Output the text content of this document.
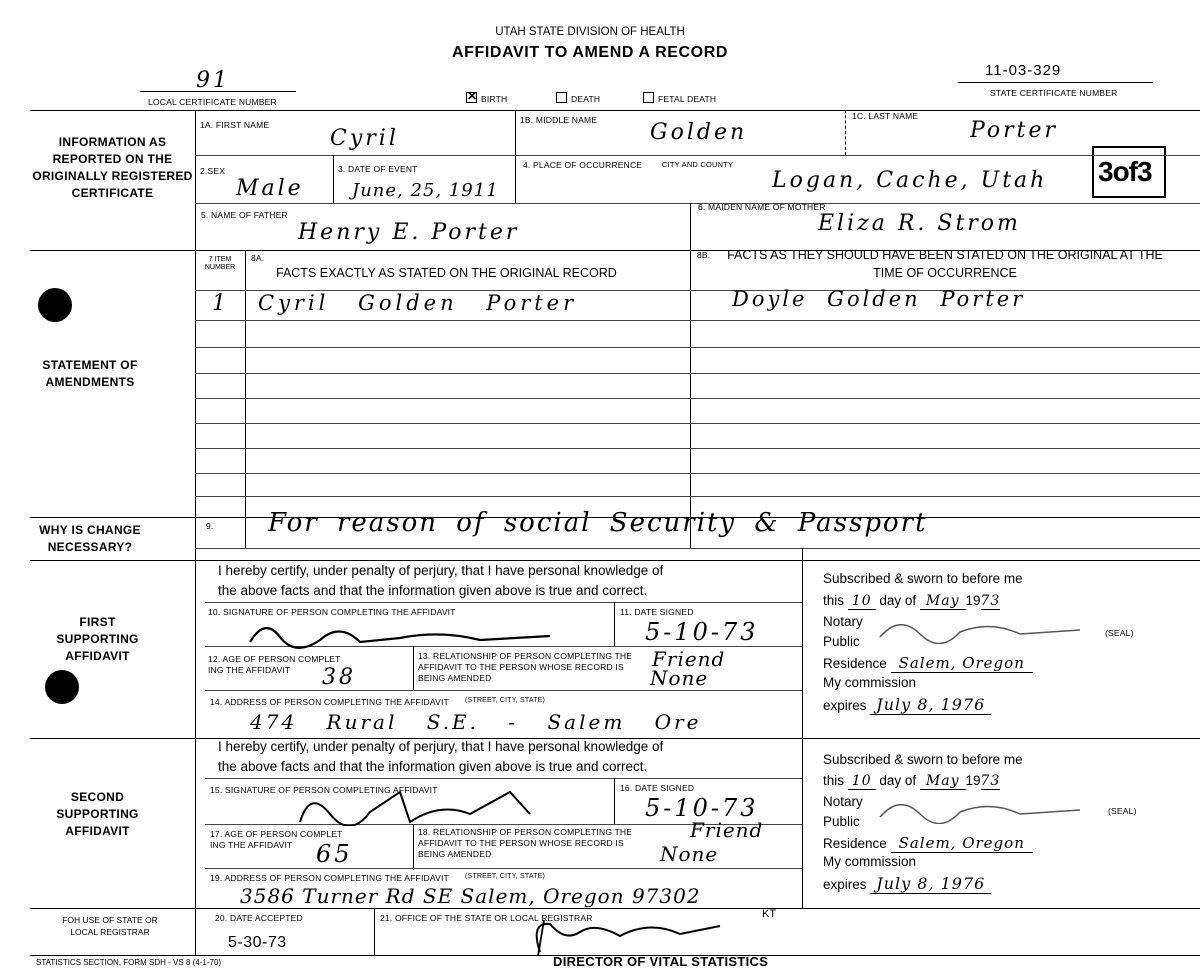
UTAH STATE DIVISION OF HEALTH
AFFIDAVIT TO AMEND A RECORD
91
LOCAL CERTIFICATE NUMBER
11-03-329
STATE CERTIFICATE NUMBER
✕ BIRTH	DEATH	FETAL DEATH
3of3
INFORMATION AS REPORTED ON THE ORIGINALLY REGISTERED CERTIFICATE
STATEMENT OF AMENDMENTS
WHY IS CHANGE NECESSARY?
FIRST SUPPORTING AFFIDAVIT
SECOND SUPPORTING AFFIDAVIT
FOH USE OF STATE OR LOCAL REGISTRAR
1A. FIRST NAME
Cyril
1B. MIDDLE NAME Golden
1C. LAST NAME
Porter
2.SEX
Male
3. DATE OF EVENT
June, 25, 1911
4. PLACE OF OCCURRENCE	CITY AND COUNTY
Logan, Cache, Utah
5. NAME OF FATHER
Henry E. Porter
6. MAIDEN NAME OF MOTHER
Eliza R. Strom
7 ITEM NUMBER
8A.
FACTS EXACTLY AS STATED ON THE ORIGINAL RECORD
8B. FACTS AS THEY SHOULD HAVE BEEN STATED ON THE ORIGINAL AT THE TIME OF OCCURRENCE
1 Cyril Golden Porter	Doyle Golden Porter
9. For reason of social Security & Passport
I hereby certify, under penalty of perjury, that I have personal knowledge of
the above facts and that the information given above is true and correct.
10. SIGNATURE OF PERSON COMPLETING THE AFFIDAVIT	11. DATE SIGNED
5-10-73
12. AGE OF PERSON COMPLET
ING THE AFFIDAVIT 38
13. RELATIONSHIP OF PERSON COMPLETING THE
AFFIDAVIT TO THE PERSON WHOSE RECORD IS
BEING AMENDED
Friend
None
14. ADDRESS OF PERSON COMPLETING THE AFFIDAVIT (STREET, CITY, STATE)
474 Rural S.E. - Salem Ore
Subscribed & sworn to before me
this 10 day of May 1973
Notary
Public
(SEAL)
Residence Salem, Oregon
My commission
expires July 8, 1976
I hereby certify, under penalty of perjury, that I have personal knowledge of
the above facts and that the information given above is true and correct.
15. SIGNATURE OF PERSON COMPLETING AFFIDAVIT	16. DATE SIGNED
5-10-73
17. AGE OF PERSON COMPLET
ING THE AFFIDAVIT 65
18. RELATIONSHIP OF PERSON COMPLETING THE
AFFIDAVIT TO THE PERSON WHOSE RECORD IS
BEING AMENDED
Friend
None
19. ADDRESS OF PERSON COMPLETING THE AFFIDAVIT (STREET, CITY, STATE)
3586 Turner Rd SE Salem, Oregon 97302
Subscribed & sworn to before me
this 10 day of May 1973
Notary
Public
(SEAL)
Residence Salem, Oregon
My commission
expires July 8, 1976
20. DATE ACCEPTED
5-30-73
21. OFFICE OF THE STATE OR LOCAL REGISTRAR	KT
DIRECTOR OF VITAL STATISTICS
STATISTICS SECTION, FORM SDH - VS 8 (4-1-70)
